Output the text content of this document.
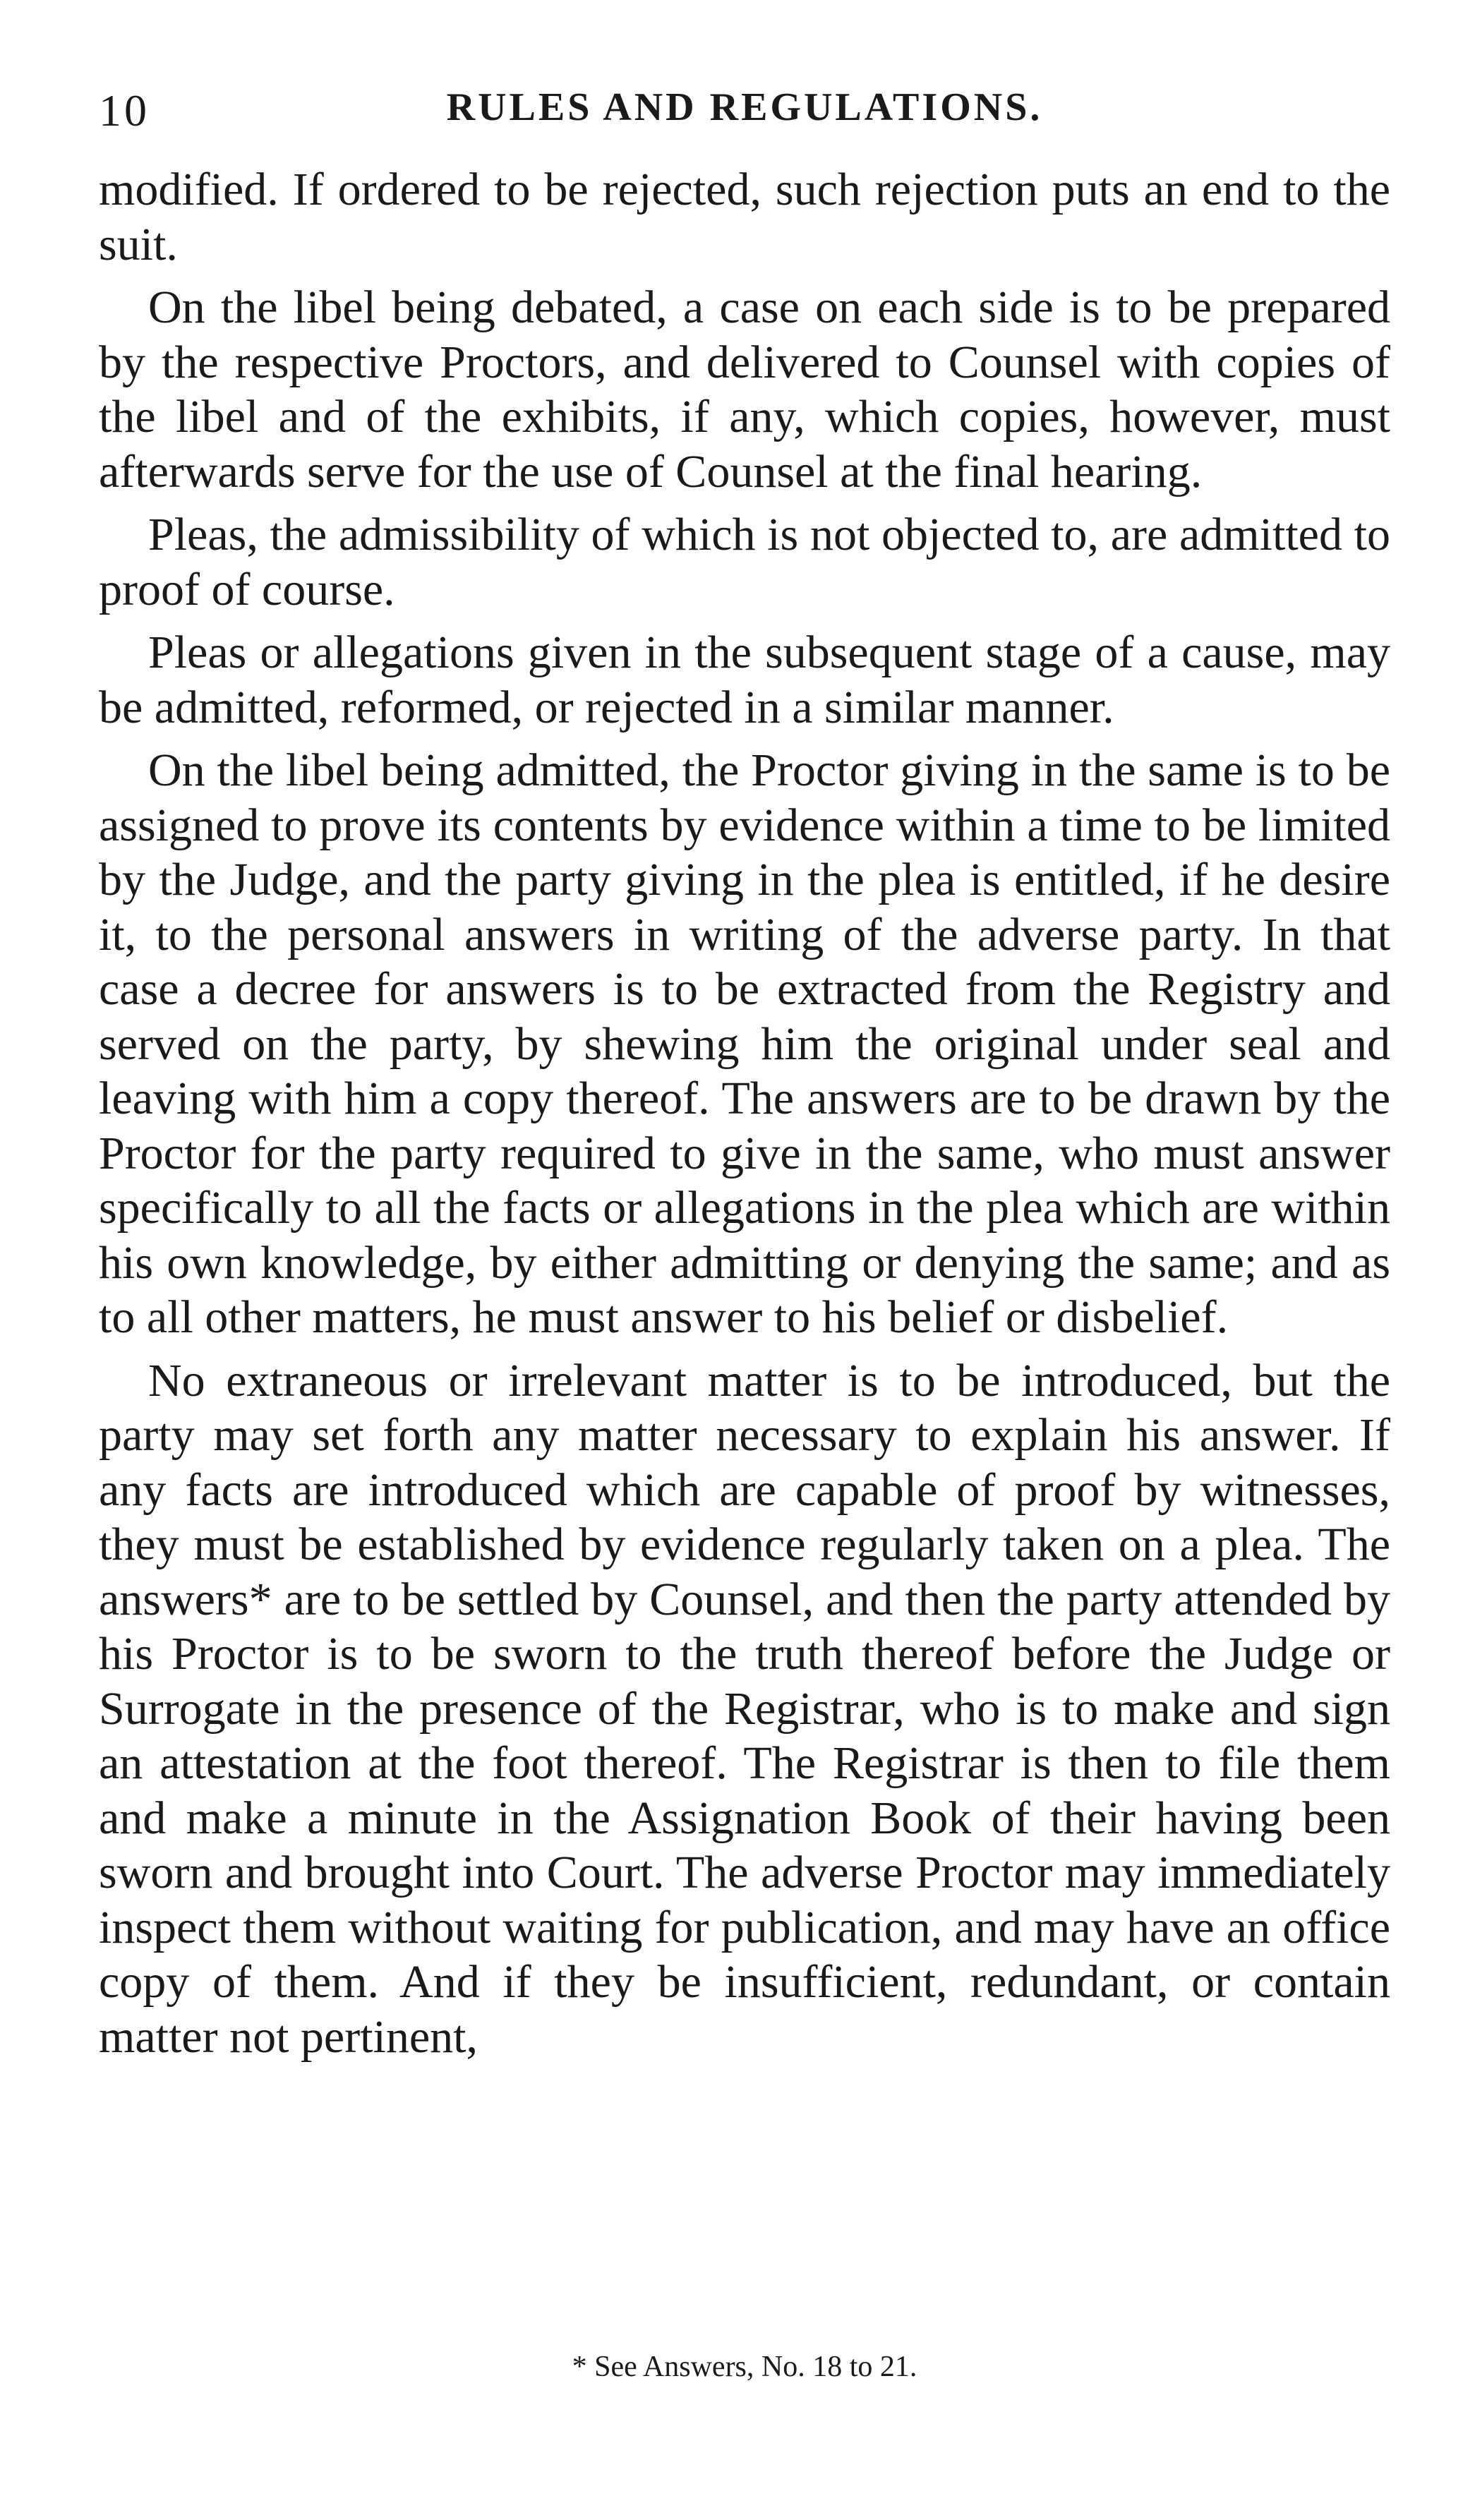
10	RULES AND REGULATIONS.

modified. If ordered to be rejected, such rejection puts an end to the suit.

On the libel being debated, a case on each side is to be prepared by the respective Proctors, and delivered to Counsel with copies of the libel and of the exhibits, if any, which copies, however, must afterwards serve for the use of Counsel at the final hearing.

Pleas, the admissibility of which is not objected to, are admitted to proof of course.

Pleas or allegations given in the subsequent stage of a cause, may be admitted, reformed, or rejected in a similar manner.

On the libel being admitted, the Proctor giving in the same is to be assigned to prove its contents by evidence within a time to be limited by the Judge, and the party giving in the plea is entitled, if he desire it, to the personal answers in writing of the adverse party. In that case a decree for answers is to be extracted from the Registry and served on the party, by shewing him the original under seal and leaving with him a copy thereof. The answers are to be drawn by the Proctor for the party required to give in the same, who must answer specifically to all the facts or allegations in the plea which are within his own knowledge, by either admitting or denying the same; and as to all other matters, he must answer to his belief or disbelief.

No extraneous or irrelevant matter is to be introduced, but the party may set forth any matter necessary to explain his answer. If any facts are introduced which are capable of proof by witnesses, they must be established by evidence regularly taken on a plea. The answers* are to be settled by Counsel, and then the party attended by his Proctor is to be sworn to the truth thereof before the Judge or Surrogate in the presence of the Registrar, who is to make and sign an attestation at the foot thereof. The Registrar is then to file them and make a minute in the Assignation Book of their having been sworn and brought into Court. The adverse Proctor may immediately inspect them without waiting for publication, and may have an office copy of them. And if they be insufficient, redundant, or contain matter not pertinent,

* See Answers, No. 18 to 21.
